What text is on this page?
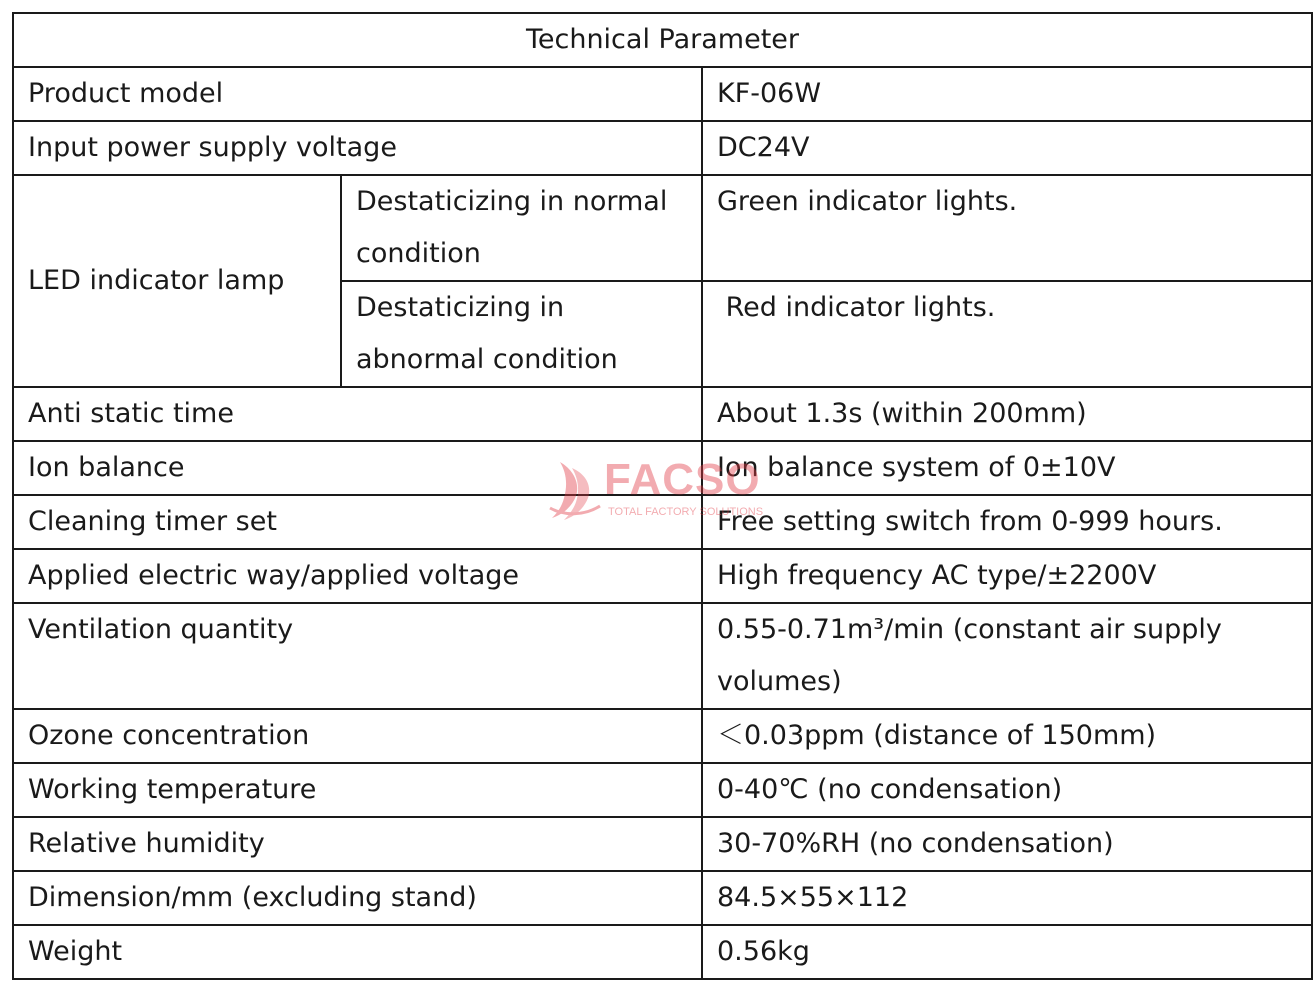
Technical Parameter		
Product model		KF-06W
Input power supply voltage		DC24V
LED indicator lamp	Destaticizing in normal condition	Green indicator lights.
	Destaticizing in abnormal condition	Red indicator lights.
Anti static time		About 1.3s (within 200mm)
Ion balance		Ion balance system of 0±10V
Cleaning timer set		Free setting switch from 0-999 hours.
Applied electric way/applied voltage		High frequency AC type/±2200V
Ventilation quantity		0.55-0.71m³/min (constant air supply volumes)
Ozone concentration		＜0.03ppm (distance of 150mm)
Working temperature		0-40℃ (no condensation)
Relative humidity		30-70%RH (no condensation)
Dimension/mm (excluding stand)		84.5×55×112
Weight		0.56kg
FACSO
TOTAL FACTORY SOLUTIONS
